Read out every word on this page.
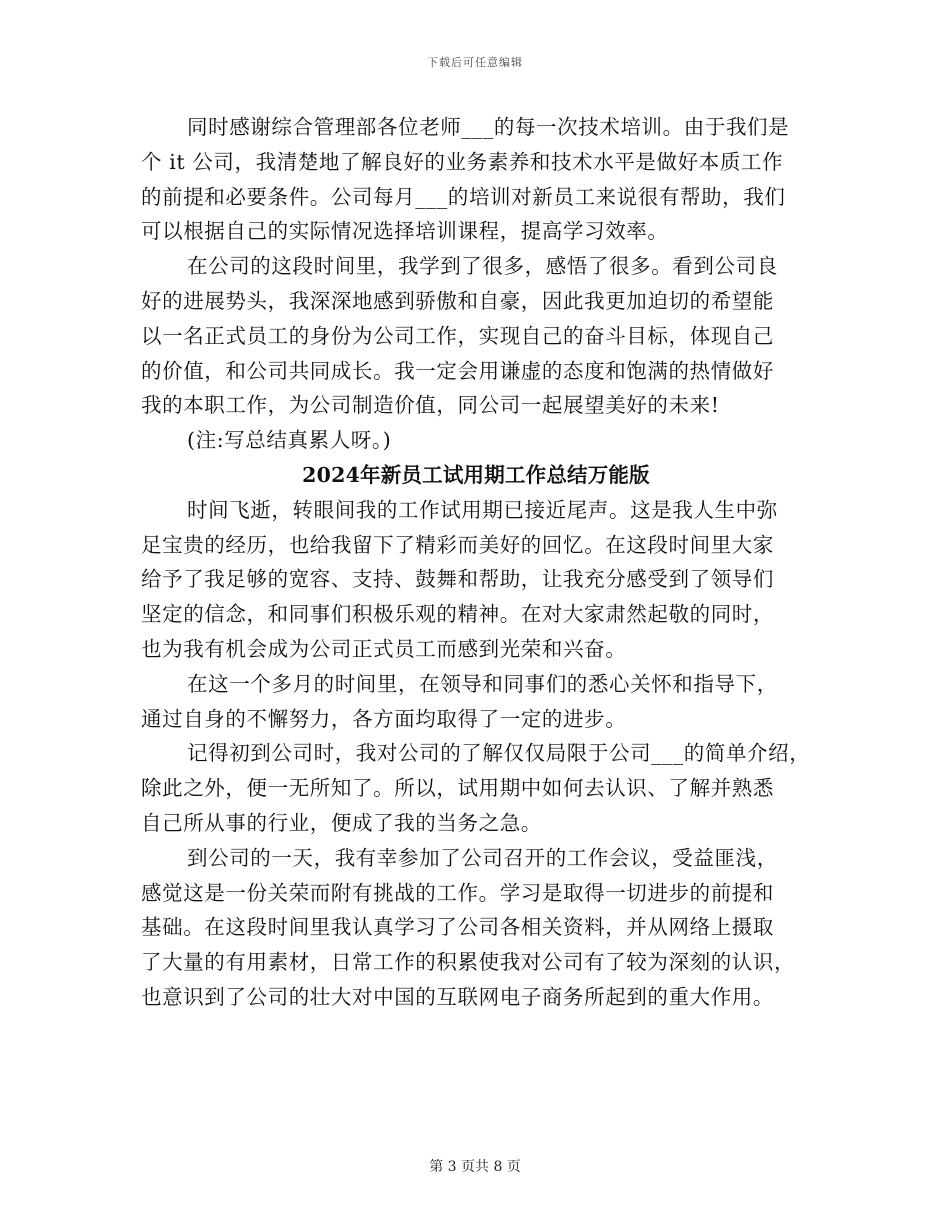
下载后可任意编辑
同时感谢综合管理部各位老师___的每一次技术培训。由于我们是
个 it 公司，我清楚地了解良好的业务素养和技术水平是做好本质工作
的前提和必要条件。公司每月___的培训对新员工来说很有帮助，我们
可以根据自己的实际情况选择培训课程，提高学习效率。
在公司的这段时间里，我学到了很多，感悟了很多。看到公司良
好的进展势头，我深深地感到骄傲和自豪，因此我更加迫切的希望能
以一名正式员工的身份为公司工作，实现自己的奋斗目标，体现自己
的价值，和公司共同成长。我一定会用谦虚的态度和饱满的热情做好
我的本职工作，为公司制造价值，同公司一起展望美好的未来!
(注:写总结真累人呀。)
2024年新员工试用期工作总结万能版
时间飞逝，转眼间我的工作试用期已接近尾声。这是我人生中弥
足宝贵的经历，也给我留下了精彩而美好的回忆。在这段时间里大家
给予了我足够的宽容、支持、鼓舞和帮助，让我充分感受到了领导们
坚定的信念，和同事们积极乐观的精神。在对大家肃然起敬的同时，
也为我有机会成为公司正式员工而感到光荣和兴奋。
在这一个多月的时间里，在领导和同事们的悉心关怀和指导下，
通过自身的不懈努力，各方面均取得了一定的进步。
记得初到公司时，我对公司的了解仅仅局限于公司___的简单介绍，
除此之外，便一无所知了。所以，试用期中如何去认识、了解并熟悉
自己所从事的行业，便成了我的当务之急。
到公司的一天，我有幸参加了公司召开的工作会议，受益匪浅，
感觉这是一份关荣而附有挑战的工作。学习是取得一切进步的前提和
基础。在这段时间里我认真学习了公司各相关资料，并从网络上摄取
了大量的有用素材，日常工作的积累使我对公司有了较为深刻的认识，
也意识到了公司的壮大对中国的互联网电子商务所起到的重大作用。
第 3 页共 8 页
